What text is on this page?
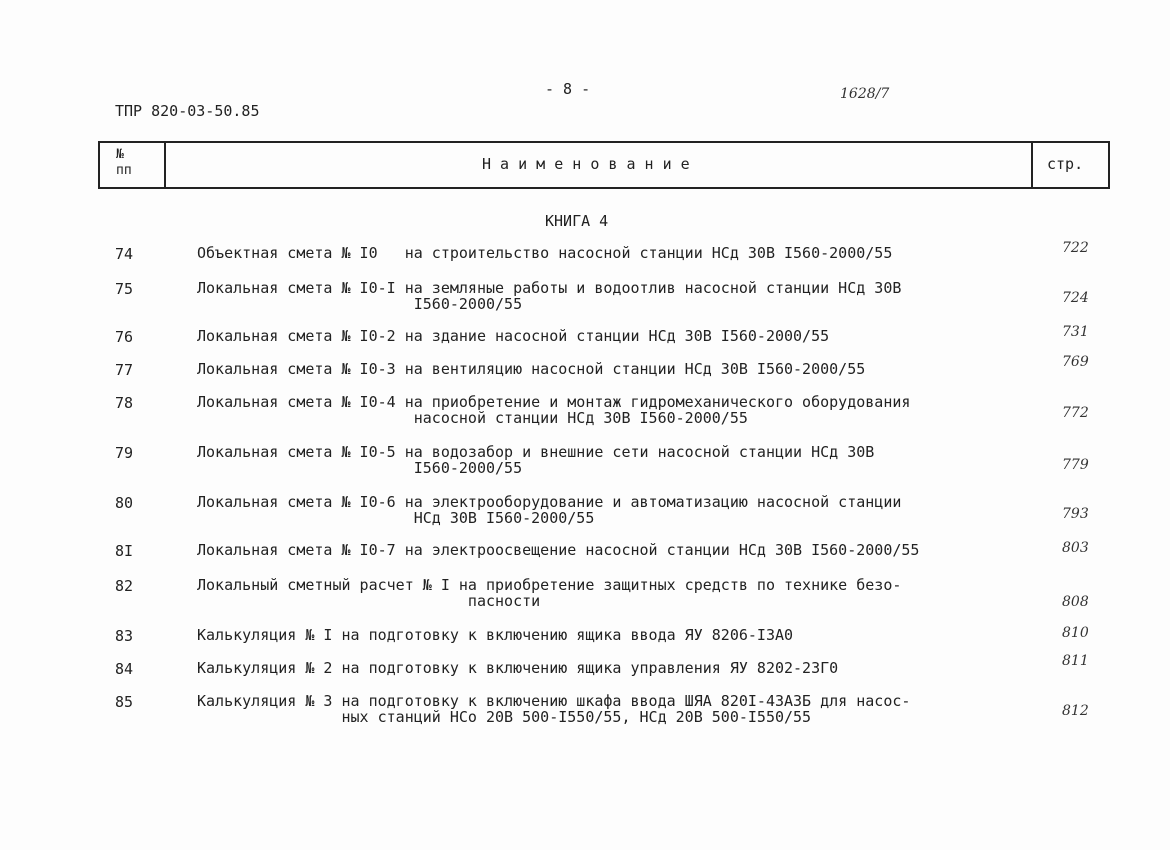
ТПР 820-03-50.85
- 8 -	1628/7
№
пп	Н а и м е н о в а н и е	стр.
КНИГА 4
74	Объектная смета № I0   на строительство насосной станции НСд 30В I560-2000/55	722
75	Локальная смета № I0-I на земляные работы и водоотлив насосной станции НСд 30В
I560-2000/55	724
76	Локальная смета № I0-2 на здание насосной станции НСд 30В I560-2000/55	731
77	Локальная смета № I0-3 на вентиляцию насосной станции НСд 30В I560-2000/55	769
78	Локальная смета № I0-4 на приобретение и монтаж гидромеханического оборудования
насосной станции НСд 30В I560-2000/55	772
79	Локальная смета № I0-5 на водозабор и внешние сети насосной станции НСд 30В
I560-2000/55	779
80	Локальная смета № I0-6 на электрооборудование и автоматизацию насосной станции
НСд 30В I560-2000/55	793
8I	Локальная смета № I0-7 на электроосвещение насосной станции НСд 30В I560-2000/55	803
82	Локальный сметный расчет № I на приобретение защитных средств по технике безо-
пасности	808
83	Калькуляция № I на подготовку к включению ящика ввода ЯУ 8206-I3А0	810
84	Калькуляция № 2 на подготовку к включению ящика управления ЯУ 8202-23Г0	811
85	Калькуляция № 3 на подготовку к включению шкафа ввода ШЯА 820I-43А3Б для насос-
ных станций НСо 20В 500-I550/55, НСд 20В 500-I550/55	812
